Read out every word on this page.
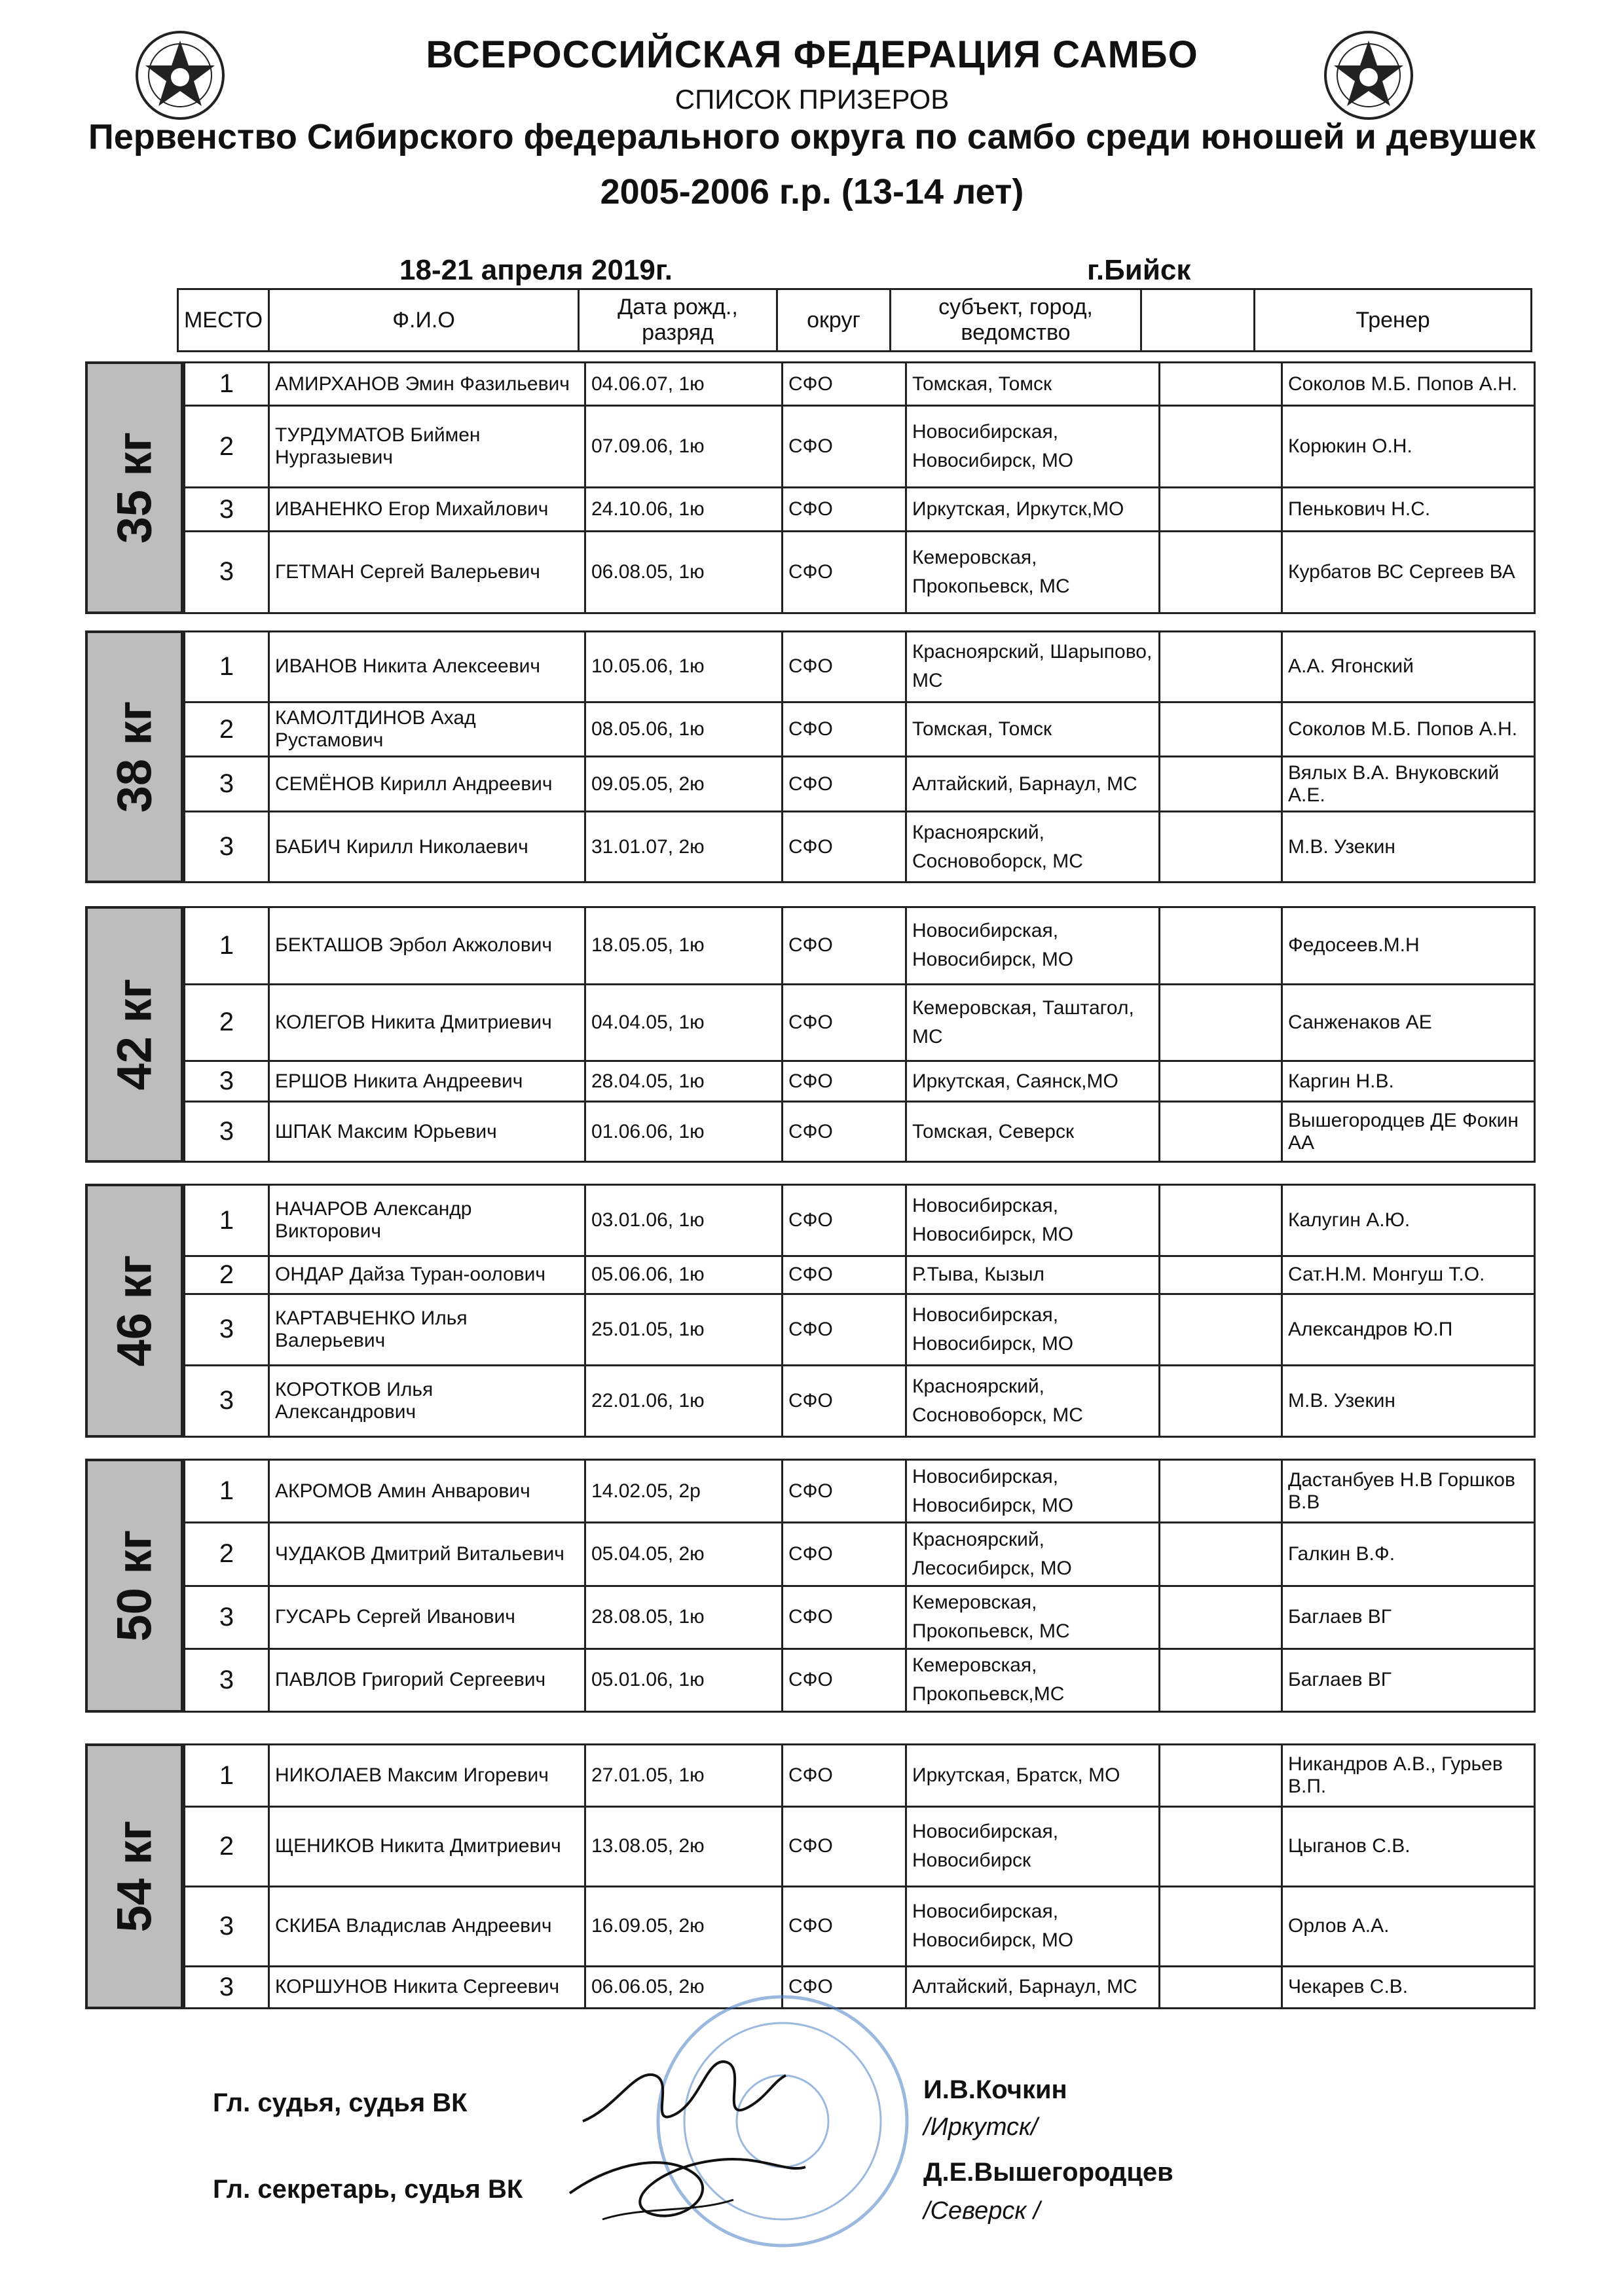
ВСЕРОССИЙСКАЯ ФЕДЕРАЦИЯ САМБО
СПИСОК ПРИЗЕРОВ
Первенство Сибирского федерального округа по самбо среди юношей и девушек
2005-2006 г.р. (13-14 лет)
18-21 апреля 2019г.	г.Бийск
МЕСТО	Ф.И.О	Дата рожд., разряд	округ	субъект, город, ведомство		Тренер
35 кг
1	АМИРХАНОВ Эмин Фазильевич	04.06.07, 1ю	СФО	Томская, Томск		Соколов М.Б. Попов А.Н.
2	ТУРДУМАТОВ Биймен Нургазыевич	07.09.06, 1ю	СФО	Новосибирская, Новосибирск, МО		Корюкин О.Н.
3	ИВАНЕНКО Егор Михайлович	24.10.06, 1ю	СФО	Иркутская, Иркутск,МО		Пенькович Н.С.
3	ГЕТМАН Сергей Валерьевич	06.08.05, 1ю	СФО	Кемеровская, Прокопьевск, МС		Курбатов ВС Сергеев ВА
38 кг
1	ИВАНОВ Никита Алексеевич	10.05.06, 1ю	СФО	Красноярский, Шарыпово, МС		А.А. Ягонский
2	КАМОЛТДИНОВ Ахад Рустамович	08.05.06, 1ю	СФО	Томская, Томск		Соколов М.Б. Попов А.Н.
3	СЕМЁНОВ Кирилл Андреевич	09.05.05, 2ю	СФО	Алтайский, Барнаул, МС		Вялых В.А. Внуковский А.Е.
3	БАБИЧ Кирилл Николаевич	31.01.07, 2ю	СФО	Красноярский, Сосновоборск, МС		М.В. Узекин
42 кг
1	БЕКТАШОВ Эрбол Акжолович	18.05.05, 1ю	СФО	Новосибирская, Новосибирск, МО		Федосеев.М.Н
2	КОЛЕГОВ Никита Дмитриевич	04.04.05, 1ю	СФО	Кемеровская, Таштагол, МС		Санженаков АЕ
3	ЕРШОВ Никита Андреевич	28.04.05, 1ю	СФО	Иркутская, Саянск,МО		Каргин Н.В.
3	ШПАК Максим Юрьевич	01.06.06, 1ю	СФО	Томская, Северск		Вышегородцев ДЕ Фокин АА
46 кг
1	НАЧАРОВ Александр Викторович	03.01.06, 1ю	СФО	Новосибирская, Новосибирск, МО		Калугин А.Ю.
2	ОНДАР Дайза Туран-оолович	05.06.06, 1ю	СФО	Р.Тыва, Кызыл		Сат.Н.М. Монгуш Т.О.
3	КАРТАВЧЕНКО Илья Валерьевич	25.01.05, 1ю	СФО	Новосибирская, Новосибирск, МО		Александров Ю.П
3	КОРОТКОВ Илья Александрович	22.01.06, 1ю	СФО	Красноярский, Сосновоборск, МС		М.В. Узекин
50 кг
1	АКРОМОВ Амин Анварович	14.02.05, 2р	СФО	Новосибирская, Новосибирск, МО		Дастанбуев Н.В Горшков В.В
2	ЧУДАКОВ Дмитрий Витальевич	05.04.05, 2ю	СФО	Красноярский, Лесосибирск, МО		Галкин В.Ф.
3	ГУСАРЬ Сергей Иванович	28.08.05, 1ю	СФО	Кемеровская, Прокопьевск, МС		Баглаев ВГ
3	ПАВЛОВ Григорий Сергеевич	05.01.06, 1ю	СФО	Кемеровская, Прокопьевск,МС		Баглаев ВГ
54 кг
1	НИКОЛАЕВ Максим Игоревич	27.01.05, 1ю	СФО	Иркутская, Братск, МО		Никандров А.В., Гурьев В.П.
2	ЩЕНИКОВ Никита Дмитриевич	13.08.05, 2ю	СФО	Новосибирская, Новосибирск		Цыганов С.В.
3	СКИБА Владислав Андреевич	16.09.05, 2ю	СФО	Новосибирская, Новосибирск, МО		Орлов А.А.
3	КОРШУНОВ Никита Сергеевич	06.06.05, 2ю	СФО	Алтайский, Барнаул, МС		Чекарев С.В.
Гл. судья, судья ВК
Гл. секретарь, судья ВК
И.В.Кочкин
/Иркутск/
Д.Е.Вышегородцев
/Северск /
